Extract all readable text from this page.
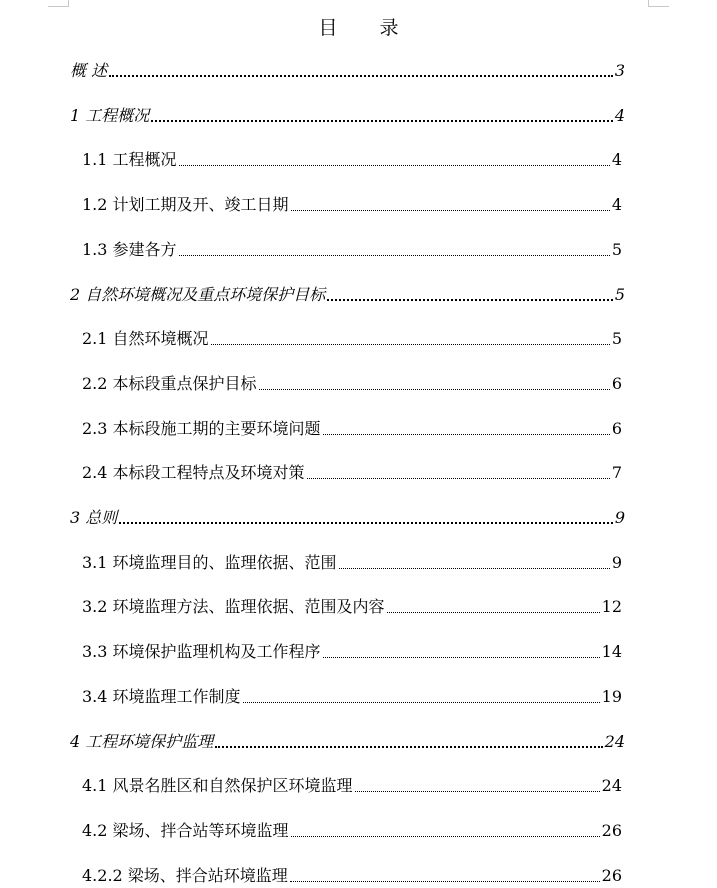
目 录
概 述	3
1 工程概况	4
1.1 工程概况	4
1.2 计划工期及开、竣工日期	4
1.3 参建各方	5
2 自然环境概况及重点环境保护目标	5
2.1 自然环境概况	5
2.2 本标段重点保护目标	6
2.3 本标段施工期的主要环境问题	6
2.4 本标段工程特点及环境对策	7
3 总则	9
3.1 环境监理目的、监理依据、范围	9
3.2 环境监理方法、监理依据、范围及内容	12
3.3 环境保护监理机构及工作程序	14
3.4 环境监理工作制度	19
4 工程环境保护监理	24
4.1 风景名胜区和自然保护区环境监理	24
4.2 梁场、拌合站等环境监理	26
4.2.2 梁场、拌合站环境监理	26
